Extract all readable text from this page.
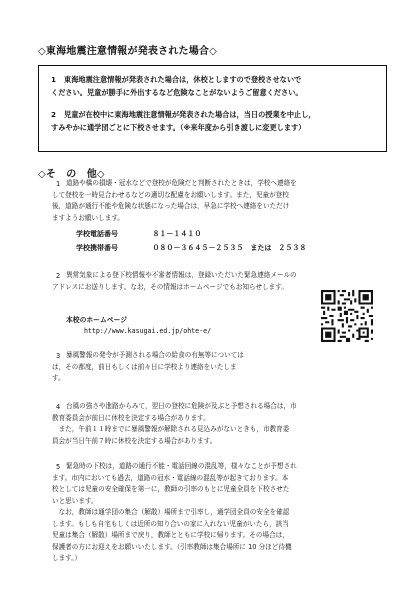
◇東海地震注意情報が発表された場合◇
1 東海地震注意情報が発表された場合は，休校としますので登校させないで
ください。児童が勝手に外出するなど危険なことがないようご留意ください。
2 児童が在校中に東海地震注意情報が発表された場合は，当日の授業を中止し，
すみやかに通学団ごとに下校させます。（※来年度から引き渡しに変更します）
◇そ　の　他◇
1 道路や橋の損壊・冠水などで登校が危険だと判断されたときは，学校へ連絡を
して登校を一時見合わせるなどの適切な配慮をお願いします。また，児童が登校
後，道路が通行不能や危険な状態になった場合は，早急に学校へ連絡をいただけ
ますようお願いします。
学校電話番号	８１－１４１０
学校携帯番号	０８０－３６４５－２５３５　または　２５３８
2 異常気象による登下校情報や不審者情報は，登録いただいた緊急連絡メールの
アドレスにお送りします。なお，その情報はホームページでもお知らせします。
本校のホームページ
http://www.kasugai.ed.jp/ohte-e/
3 暴風警報の発令が予測される場合の給食の有無等については
は，その都度，前日もしくは前々日に学校より連絡をいたしま
す。
4 台風の強さや進路からみて，翌日の登校に危険が及ぶと予想される場合は，市
教育委員会が前日に休校を決定する場合があります。
　また，午前１１時までに暴風警報が解除される見込みがないときも，市教育委
員会が当日午前７時に休校を決定する場合があります。
5 緊急時の下校は，道路の通行不能・電話回線の混乱等，様々なことが予想され
ます。市内においても過去，道路の冠水・電話線の混乱等が起きております。本
校としては児童の安全確保を第一に，教師の引率のもとに児童全員を下校させた
いと思います。
　なお，教師は通学団の集合（解散）場所まで引率し，通学団全員の安全を確認
します。もしも自宅もしくは近所の知り合いの家に入れない児童がいたら，該当
児童は集合（解散）場所まで戻り，教師とともに学校に帰ります。その場合は，
保護者の方にお迎えをお願いいたします。（引率教師は集合場所に 10 分ほど待機
します。）
